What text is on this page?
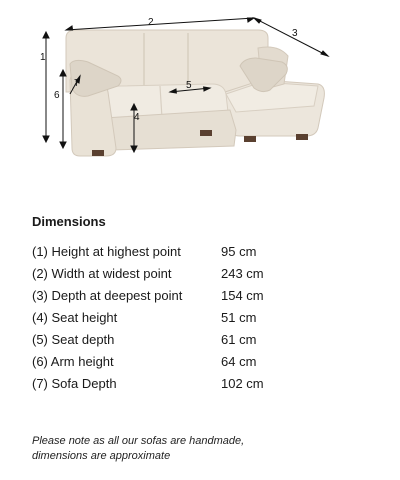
1
2
3
4
5
6
7
Dimensions
(1) Height at highest point	95 cm
(2) Width at widest point	243 cm
(3) Depth at deepest point	154 cm
(4) Seat height	51 cm
(5) Seat depth	61 cm
(6) Arm height	64 cm
(7) Sofa Depth	102 cm
Please note as all our sofas are handmade,
dimensions are approximate
